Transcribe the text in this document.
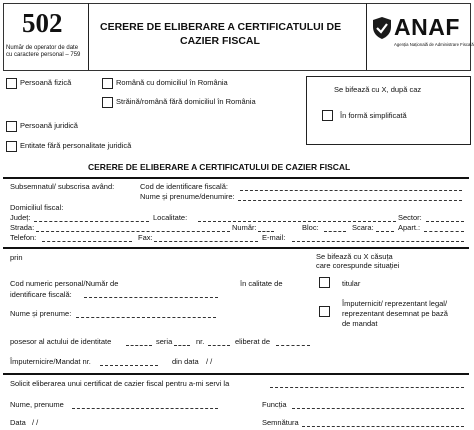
502
Număr de operator de date cu caractere personal – 759
CERERE DE ELIBERARE A CERTIFICATULUI DE
CAZIER FISCAL
ANAF
Agenția Națională de Administrare Fiscală
Persoană fizică	Română cu domiciliul în România
Străină/română fără domiciliul în România
Persoană juridică
Entitate fără personalitate juridică
Se bifează cu X, după caz
În formă simplificată
CERERE DE ELIBERARE A CERTIFICATULUI DE CAZIER FISCAL
Subsemnatul/ subscrisa având:	Cod de identificare fiscală:
Nume și prenume/denumire:
Domiciliul fiscal:
Județ:	Localitate:	Sector:
Strada:	Număr:	Bloc:	Scara:	Apart.:
Telefon:	Fax:	E-mail:
prin	Se bifează cu X căsuța
care corespunde situației
Cod numeric personal/Număr de
identificare fiscală:
în calitate de	titular
Nume și prenume:
Împuternicit/ reprezentant legal/
reprezentant desemnat pe bază
de mandat
posesor al actului de identitate	seria	nr.	eliberat de
Împuternicire/Mandat nr.	din data / /
Solicit eliberarea unui certificat de cazier fiscal pentru a-mi servi la
Nume, prenume	Funcția
Data / /	Semnătura
